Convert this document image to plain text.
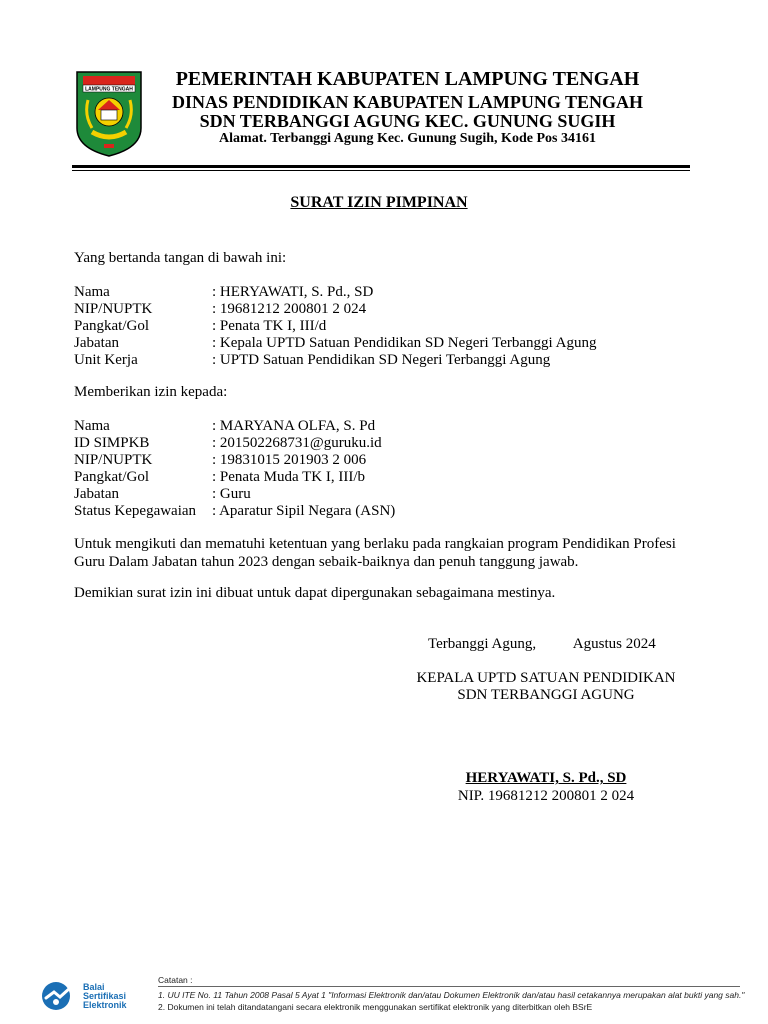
LAMPUNG TENGAH	PEMERINTAH KABUPATEN LAMPUNG TENGAH
DINAS PENDIDIKAN KABUPATEN LAMPUNG TENGAH
SDN TERBANGGI AGUNG KEC. GUNUNG SUGIH
Alamat. Terbanggi Agung Kec. Gunung Sugih, Kode Pos 34161
SURAT IZIN PIMPINAN
Yang bertanda tangan di bawah ini:
Nama	: HERYAWATI, S. Pd., SD
NIP/NUPTK	: 19681212 200801 2 024
Pangkat/Gol	: Penata TK I, III/d
Jabatan	: Kepala UPTD Satuan Pendidikan SD Negeri Terbanggi Agung
Unit Kerja	: UPTD Satuan Pendidikan SD Negeri Terbanggi Agung
Memberikan izin kepada:
Nama	: MARYANA OLFA, S. Pd
ID SIMPKB	: 201502268731@guruku.id
NIP/NUPTK	: 19831015 201903 2 006
Pangkat/Gol	: Penata Muda TK I, III/b
Jabatan	: Guru
Status Kepegawaian : Aparatur Sipil Negara (ASN)
Untuk mengikuti dan mematuhi ketentuan yang berlaku pada rangkaian program Pendidikan Profesi Guru Dalam Jabatan tahun 2023 dengan sebaik-baiknya dan penuh tanggung jawab.
Demikian surat izin ini dibuat untuk dapat dipergunakan sebagaimana mestinya.
Terbanggi Agung,          Agustus 2024
KEPALA UPTD SATUAN PENDIDIKAN
SDN TERBANGGI AGUNG
HERYAWATI, S. Pd., SD
NIP. 19681212 200801 2 024
Balai
Sertifikasi
Elektronik
Catatan :
1. UU ITE No. 11 Tahun 2008 Pasal 5 Ayat 1 "Informasi Elektronik dan/atau Dokumen Elektronik dan/atau hasil cetakannya merupakan alat bukti yang sah."
2. Dokumen ini telah ditandatangani secara elektronik menggunakan sertifikat elektronik yang diterbitkan oleh BSrE
